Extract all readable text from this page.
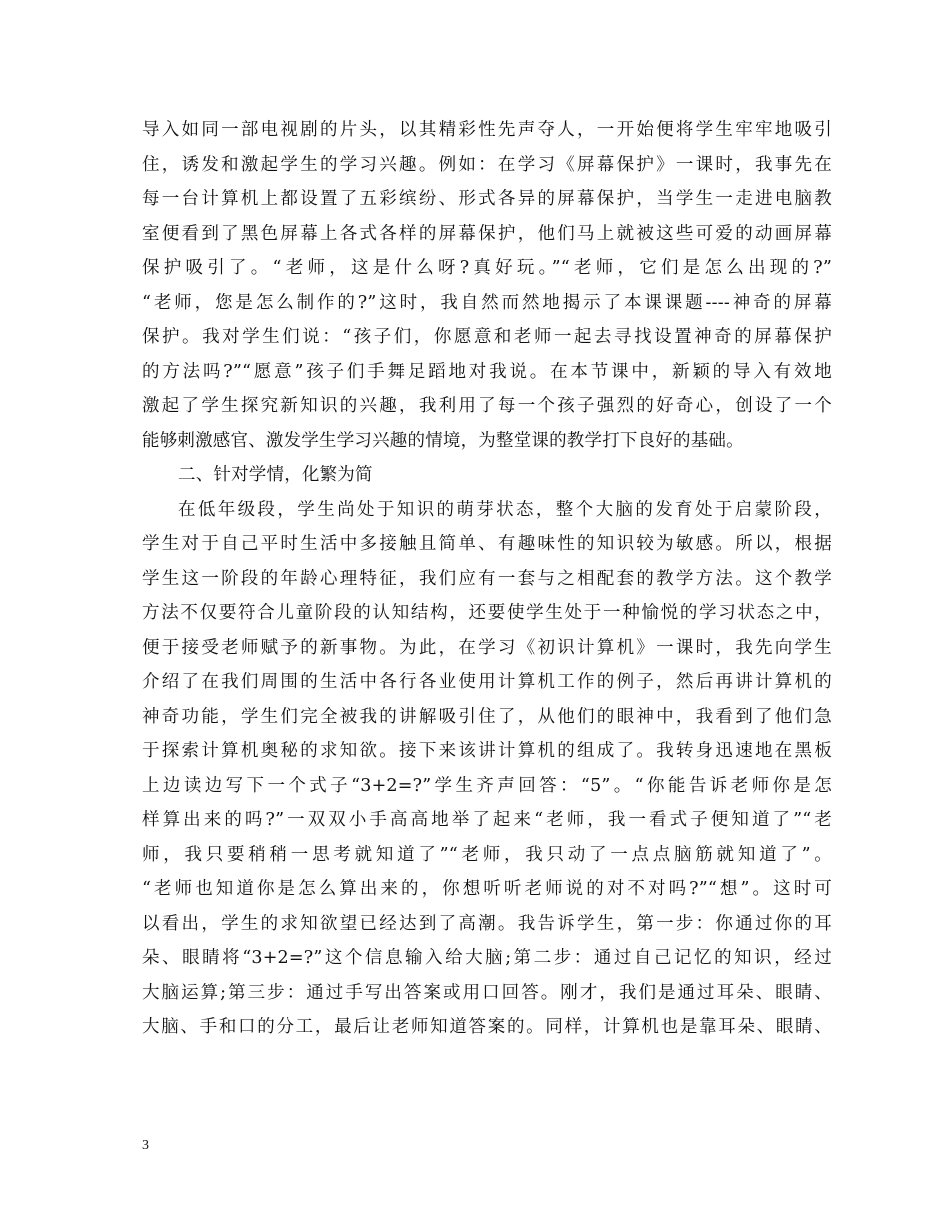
导入如同一部电视剧的片头，以其精彩性先声夺人，一开始便将学生牢牢地吸引
住，诱发和激起学生的学习兴趣。例如：在学习《屏幕保护》一课时，我事先在
每一台计算机上都设置了五彩缤纷、形式各异的屏幕保护，当学生一走进电脑教
室便看到了黑色屏幕上各式各样的屏幕保护，他们马上就被这些可爱的动画屏幕
保护吸引了。“老师，这是什么呀?真好玩。”“老师，它们是怎么出现的?”
“老师，您是怎么制作的?”这时，我自然而然地揭示了本课课题----神奇的屏幕
保护。我对学生们说：“孩子们，你愿意和老师一起去寻找设置神奇的屏幕保护
的方法吗?”“愿意”孩子们手舞足蹈地对我说。在本节课中，新颖的导入有效地
激起了学生探究新知识的兴趣，我利用了每一个孩子强烈的好奇心，创设了一个
能够刺激感官、激发学生学习兴趣的情境，为整堂课的教学打下良好的基础。
二、针对学情，化繁为简
在低年级段，学生尚处于知识的萌芽状态，整个大脑的发育处于启蒙阶段，
学生对于自己平时生活中多接触且简单、有趣味性的知识较为敏感。所以，根据
学生这一阶段的年龄心理特征，我们应有一套与之相配套的教学方法。这个教学
方法不仅要符合儿童阶段的认知结构，还要使学生处于一种愉悦的学习状态之中，
便于接受老师赋予的新事物。为此，在学习《初识计算机》一课时，我先向学生
介绍了在我们周围的生活中各行各业使用计算机工作的例子，然后再讲计算机的
神奇功能，学生们完全被我的讲解吸引住了，从他们的眼神中，我看到了他们急
于探索计算机奥秘的求知欲。接下来该讲计算机的组成了。我转身迅速地在黑板
上边读边写下一个式子“3+2=?”学生齐声回答：“5”。“你能告诉老师你是怎
样算出来的吗?”一双双小手高高地举了起来“老师，我一看式子便知道了”“老
师，我只要稍稍一思考就知道了”“老师，我只动了一点点脑筋就知道了”。
“老师也知道你是怎么算出来的，你想听听老师说的对不对吗?”“想”。这时可
以看出，学生的求知欲望已经达到了高潮。我告诉学生，第一步：你通过你的耳
朵、眼睛将“3+2=?”这个信息输入给大脑;第二步：通过自己记忆的知识，经过
大脑运算;第三步：通过手写出答案或用口回答。刚才，我们是通过耳朵、眼睛、
大脑、手和口的分工，最后让老师知道答案的。同样，计算机也是靠耳朵、眼睛、
3
